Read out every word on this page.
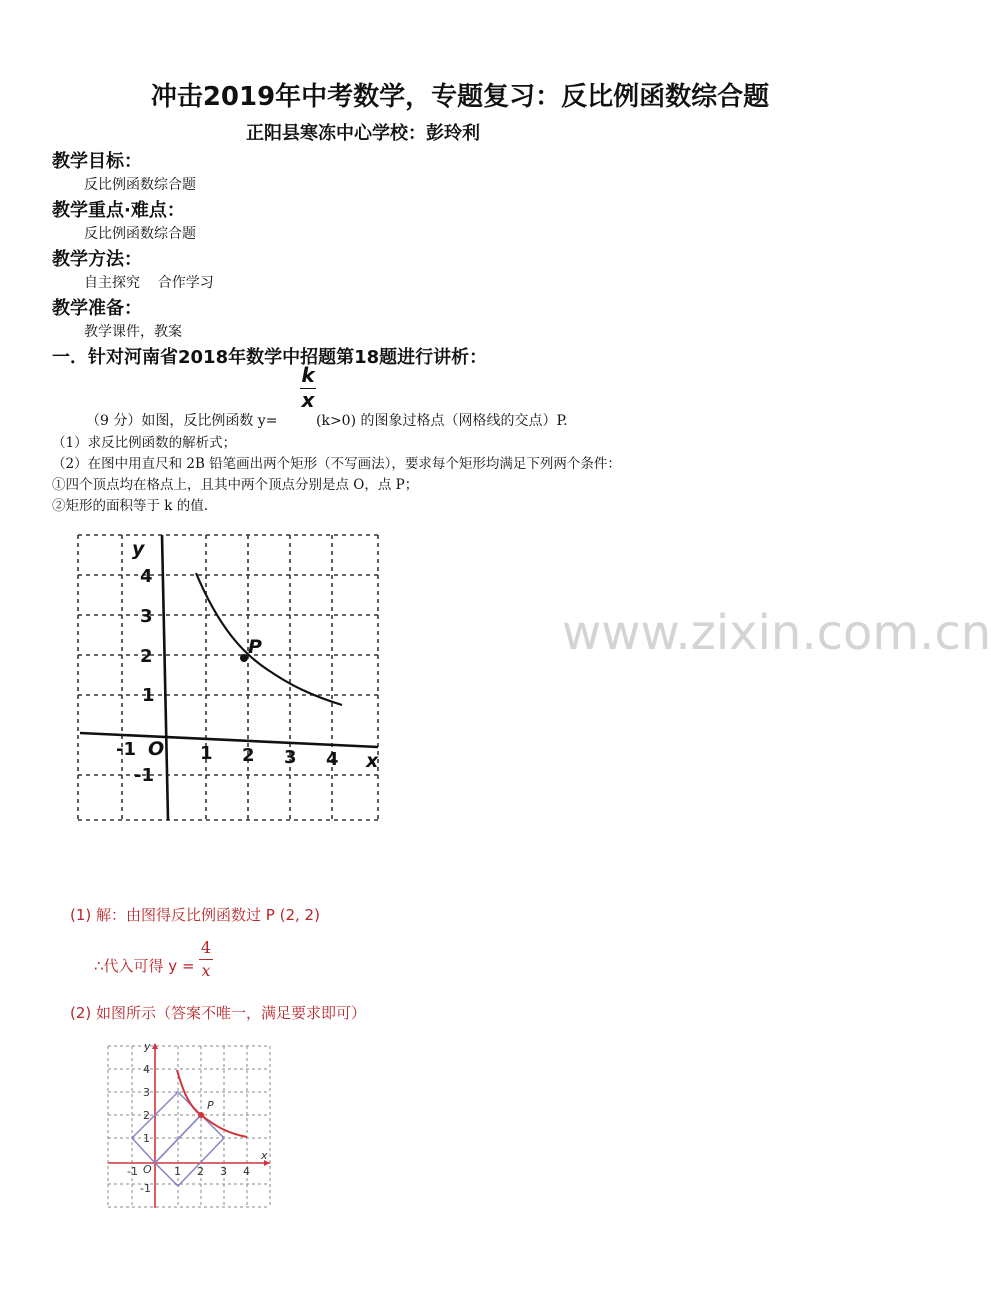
冲击2019年中考数学，专题复习：反比例函数综合题
正阳县寒冻中心学校：彭玲利
教学目标：
反比例函数综合题
教学重点·难点：
反比例函数综合题
教学方法：
自主探究    合作学习
教学准备：
教学课件，教案
一．针对河南省2018年数学中招题第18题进行讲析：
（9 分）如图，反比例函数 y=
k
x
(k>0) 的图象过格点（网格线的交点）P.
（1）求反比例函数的解析式；
（2）在图中用直尺和 2B 铅笔画出两个矩形（不写画法），要求每个矩形均满足下列两个条件：
①四个顶点均在格点上，且其中两个顶点分别是点 O，点 P；
②矩形的面积等于 k 的值.
P
y
x
O
4
3
2
1
-1
-1	1 2 3 4
www.zixin.com.cn
(1) 解：由图得反比例函数过 P (2, 2)
∴代入可得 y =
4
x
(2) 如图所示（答案不唯一，满足要求即可）
P
y
x
O
4
3
2
1
-1
-1	1 2 3 4
